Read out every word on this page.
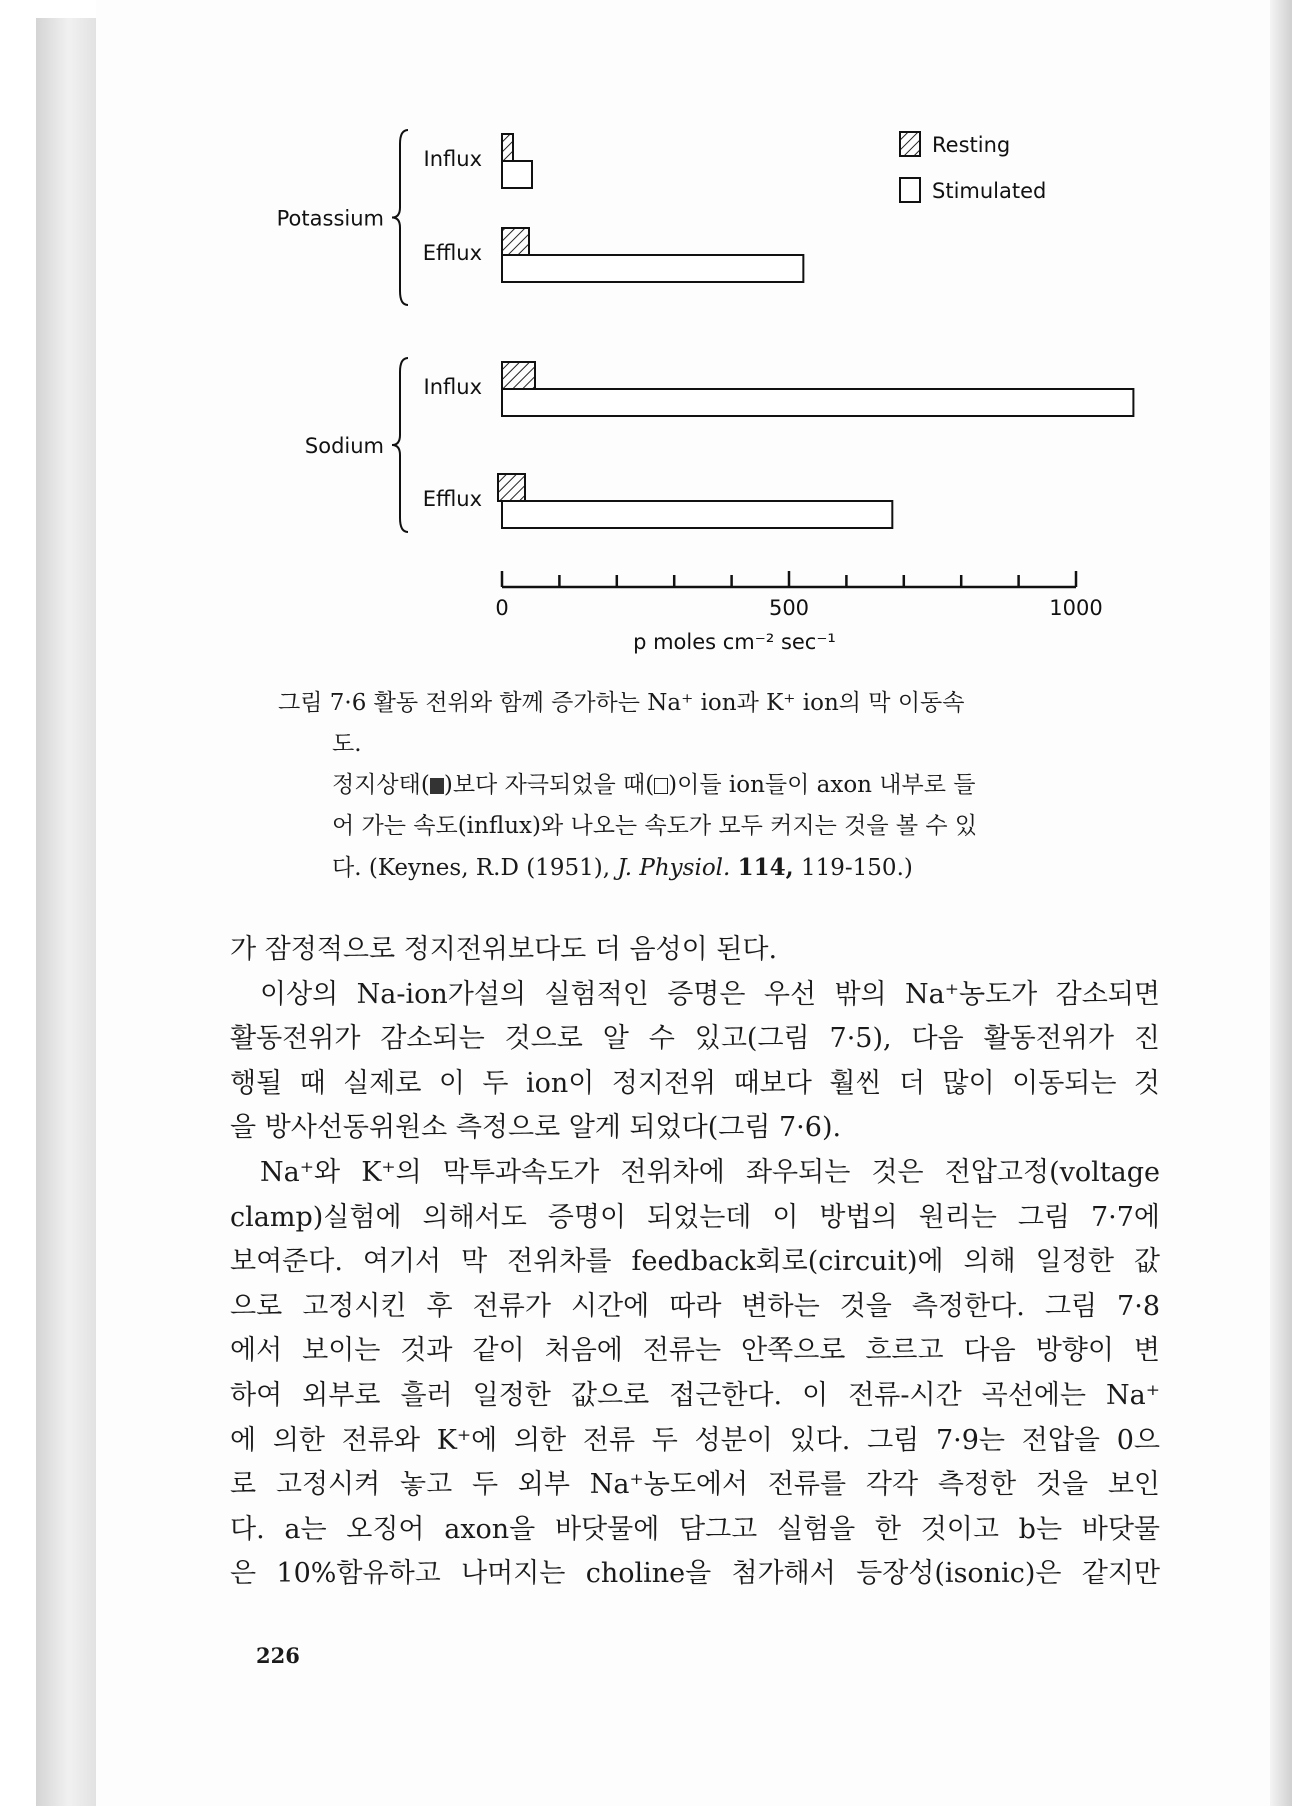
Potassium
Influx
Efflux
Sodium
Influx
Efflux
0	500	1000
p moles cm⁻² sec⁻¹
Resting
Stimulated
그림 7·6 활동 전위와 함께 증가하는 Na⁺ ion과 K⁺ ion의 막 이동속
도.
정지상태( )보다 자극되었을 때( )이들 ion들이 axon 내부로 들
어 가는 속도(influx)와 나오는 속도가 모두 커지는 것을 볼 수 있
다. (Keynes, R.D (1951), J. Physiol. 114, 119-150.)

가 잠정적으로 정지전위보다도 더 음성이 된다.

이상의 Na-ion가설의 실험적인 증명은 우선 밖의 Na⁺농도가 감소되면

활동전위가 감소되는 것으로 알 수 있고(그림 7·5), 다음 활동전위가 진

행될 때 실제로 이 두 ion이 정지전위 때보다 훨씬 더 많이 이동되는 것

을 방사선동위원소 측정으로 알게 되었다(그림 7·6).

Na⁺와 K⁺의 막투과속도가 전위차에 좌우되는 것은 전압고정(voltage

clamp)실험에 의해서도 증명이 되었는데 이 방법의 원리는 그림 7·7에

보여준다. 여기서 막 전위차를 feedback회로(circuit)에 의해 일정한 값

으로 고정시킨 후 전류가 시간에 따라 변하는 것을 측정한다. 그림 7·8

에서 보이는 것과 같이 처음에 전류는 안쪽으로 흐르고 다음 방향이 변

하여 외부로 흘러 일정한 값으로 접근한다. 이 전류-시간 곡선에는 Na⁺

에 의한 전류와 K⁺에 의한 전류 두 성분이 있다. 그림 7·9는 전압을 0으

로 고정시켜 놓고 두 외부 Na⁺농도에서 전류를 각각 측정한 것을 보인

다. a는 오징어 axon을 바닷물에 담그고 실험을 한 것이고 b는 바닷물

은 10%함유하고 나머지는 choline을 첨가해서 등장성(isonic)은 같지만

226
